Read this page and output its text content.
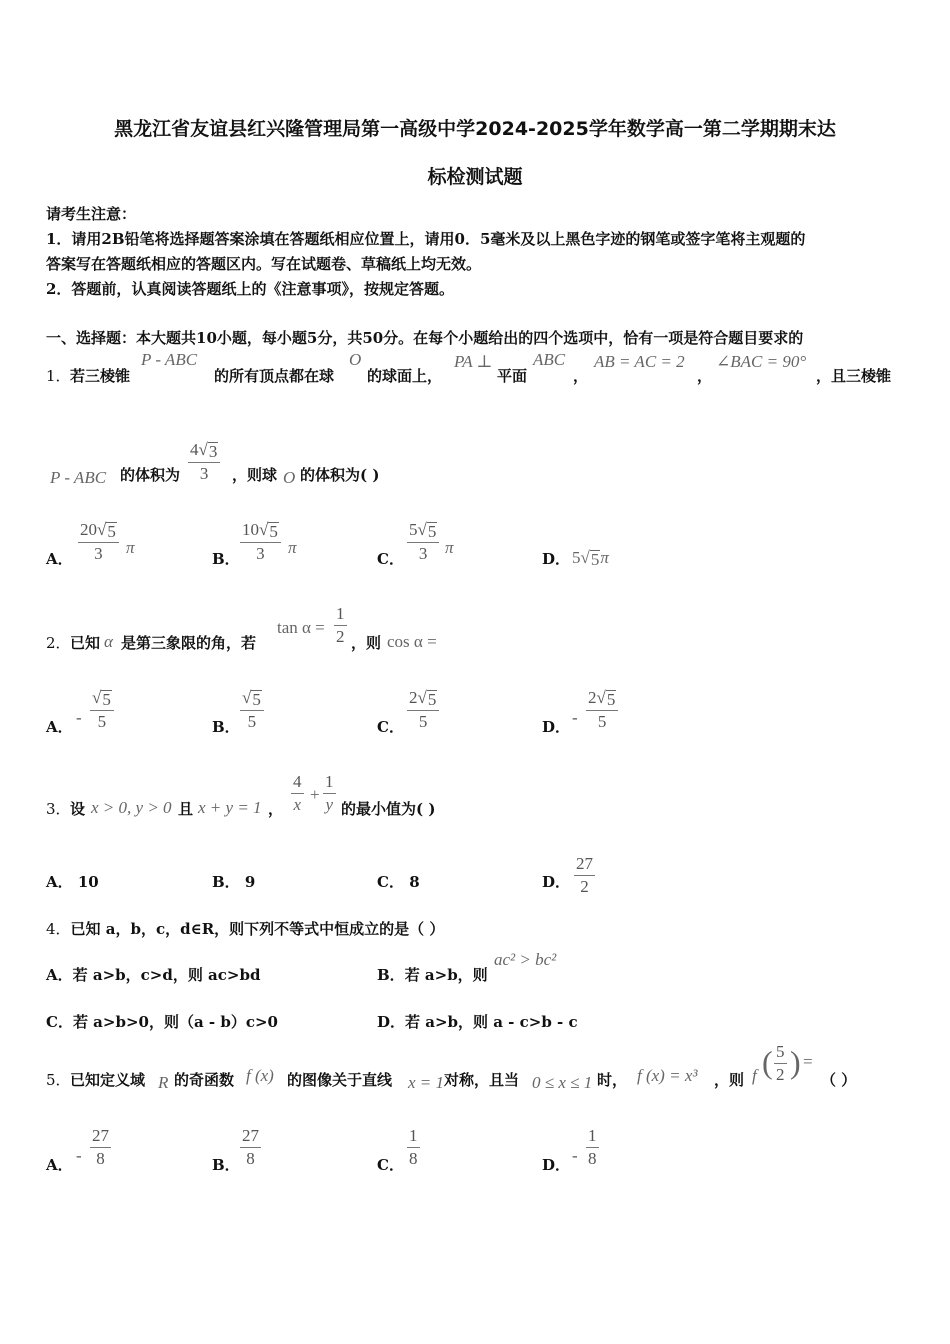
黑龙江省友谊县红兴隆管理局第一高级中学2024-2025学年数学高一第二学期期末达
标检测试题
请考生注意：
1．请用2B铅笔将选择题答案涂填在答题纸相应位置上，请用0．5毫米及以上黑色字迹的钢笔或签字笔将主观题的
答案写在答题纸相应的答题区内。写在试题卷、草稿纸上均无效。
2．答题前，认真阅读答题纸上的《注意事项》，按规定答题。
一、选择题：本大题共10小题，每小题5分，共50分。在每个小题给出的四个选项中，恰有一项是符合题目要求的
1． 若三棱锥
P - ABC
的所有顶点都在球
O
的球面上，
PA ⊥
平面
ABC
，
AB = AC = 2
，
∠BAC = 90°
，且三棱锥
P - ABC 的体积为 $\frac{4 √ 3}{3}$ ，则球 O 的体积为( )
A． $\frac{20 √ 5}{3}$ π
B． $\frac{10 √ 5}{3}$ π
C． $\frac{5 √ 5}{3}$ π
D． 5 √ 5 π
2． 已知 α 是第三象限的角，若
$\tan \alpha = \frac{1}{2}$ ，则 cos α =
A． - $\frac{√ 5}{5}$	B． $\frac{√ 5}{5}$	C． $\frac{2 √ 5}{5}$	D． - $\frac{2 √ 5}{5}$
3． 设 x > 0, y > 0 且 x + y = 1 ， $\frac{4}{x} + \frac{1}{y}$ 的最小值为( )
A． 10	B． 9	C． 8	D． $\frac{27}{2}$
4．已知 a，b，c，d∈R，则下列不等式中恒成立的是（ ）
A．若 a>b，c>d，则 ac>bd	B．若 a>b，则
ac² > bc²
C．若 a>b>0，则（a - b）c>0	D．若 a>b，则 a - c>b - c
5． 已知定义域 R 的奇函数 f (x) 的图像关于直线 x = 1 对称，且当 0 ≤ x ≤ 1 时， f (x) = x³ ，则 f ( $\frac{5}{2}$ ) =
（ ）
A． - $\frac{27}{8}$	B． $\frac{27}{8}$	C． $\frac{1}{8}$	D． - $\frac{1}{8}$
